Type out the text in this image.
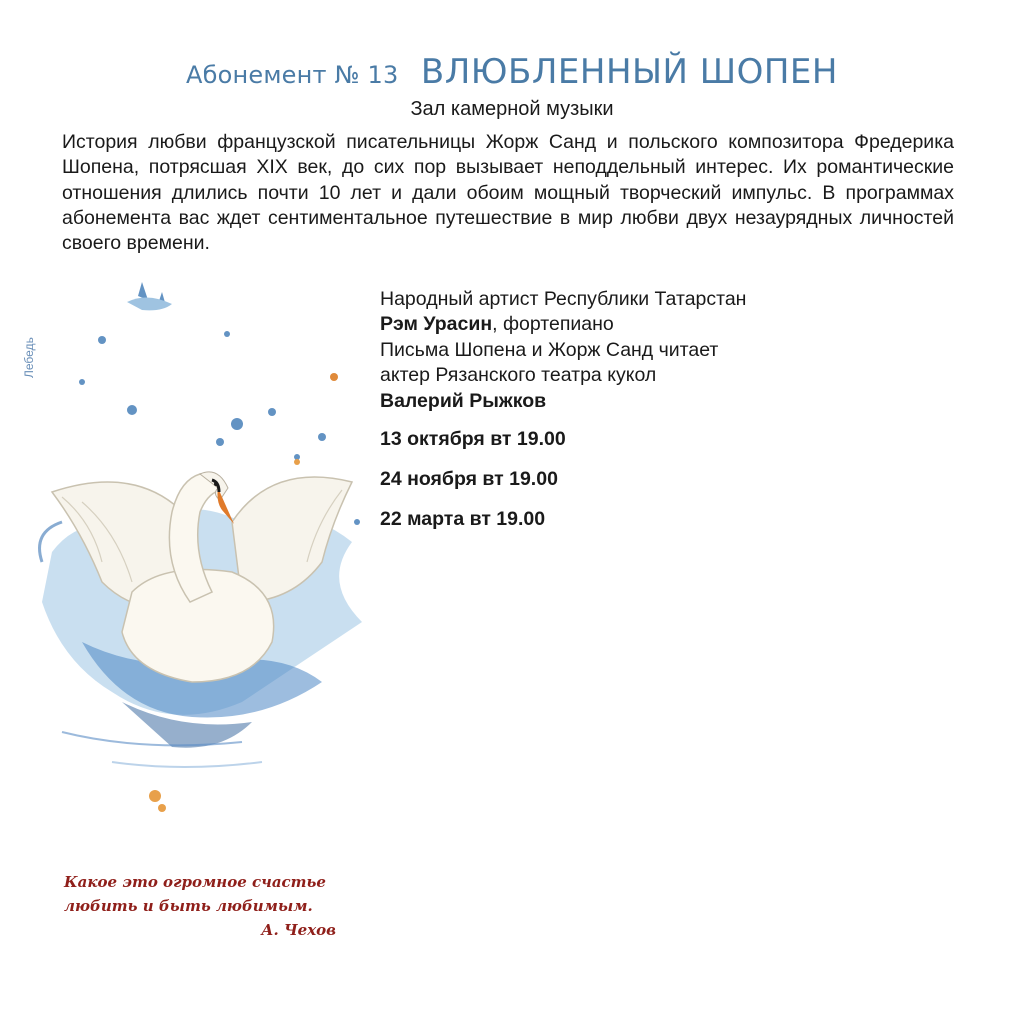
Абонемент № 13 ВЛЮБЛЕННЫЙ ШОПЕН
Зал камерной музыки
История любви французской писательницы Жорж Санд и польского композитора Фредерика Шопена, потрясшая XIX век, до сих пор вызывает неподдельный интерес. Их романтические отношения длились почти 10 лет и дали обоим мощный творческий импульс. В программах абонемента вас ждет сентиментальное путешествие в мир любви двух незаурядных личностей своего времени.
Лебедь
Народный артист Республики Татарстан
Рэм Урасин, фортепиано
Письма Шопена и Жорж Санд читает
актер Рязанского театра кукол
Валерий Рыжков
13 октября вт 19.00
24 ноября вт 19.00
22 марта вт 19.00
Какое это огромное счастье
любить и быть любимым.
А. Чехов
